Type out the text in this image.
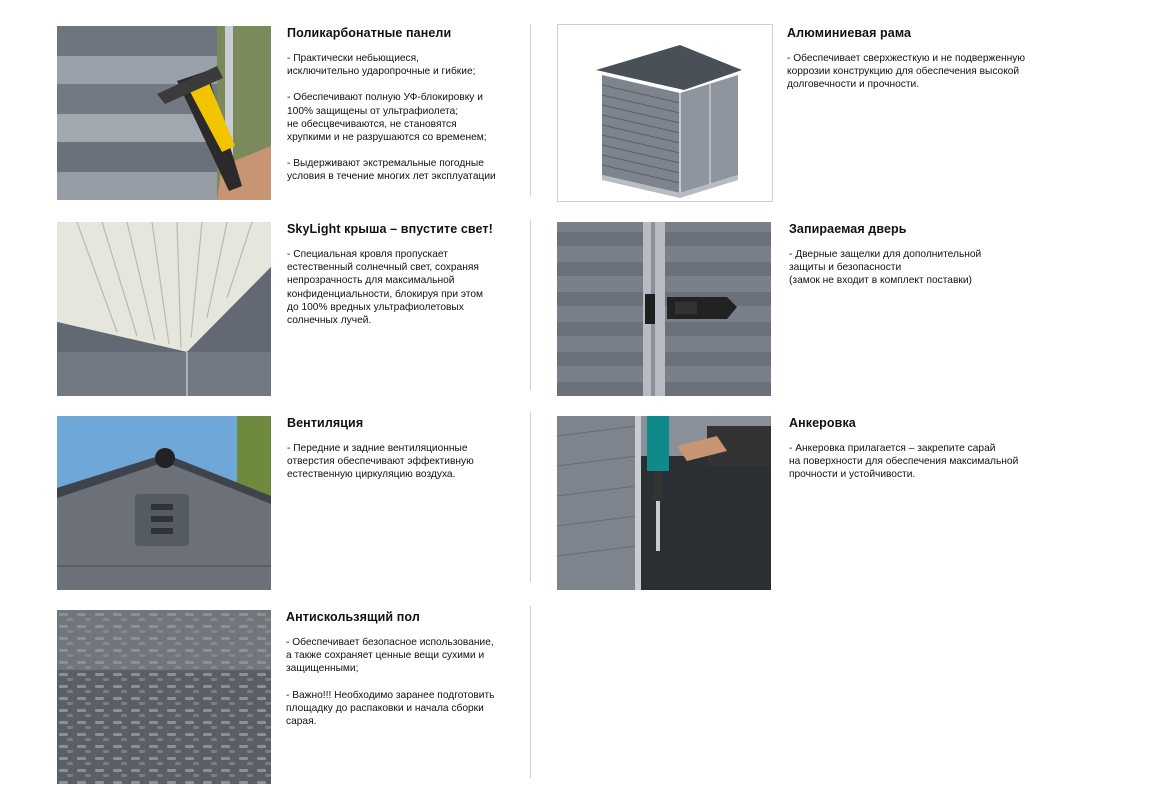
Поликарбонатные панели

- Практически небьющиеся,
исключительно ударопрочные и гибкие;

- Обеспечивают полную УФ-блокировку и
100% защищены от ультрафиолета;
не обесцвечиваются, не становятся
хрупкими и не разрушаются со временем;

- Выдерживают экстремальные погодные
условия в течение многих лет эксплуатации

Алюминиевая рама

- Обеспечивает сверхжесткую и не подверженную
коррозии конструкцию для обеспечения высокой
долговечности и прочности.

SkyLight крыша – впустите свет!

- Специальная кровля пропускает
естественный солнечный свет, сохраняя
непрозрачность для максимальной
конфиденциальности, блокируя при этом
до 100% вредных ультрафиолетовых
солнечных лучей.

Запираемая дверь

- Дверные защелки для дополнительной
защиты и безопасности
(замок не входит в комплект поставки)

Вентиляция

- Передние и задние вентиляционные
отверстия обеспечивают эффективную
естественную циркуляцию воздуха.

Анкеровка

- Анкеровка прилагается – закрепите сарай
на поверхности для обеспечения максимальной
прочности и устойчивости.

Антискользящий пол

- Обеспечивает безопасное использование,
а также сохраняет ценные вещи сухими и
защищенными;

- Важно!!! Необходимо заранее подготовить
площадку до распаковки и начала сборки
сарая.
